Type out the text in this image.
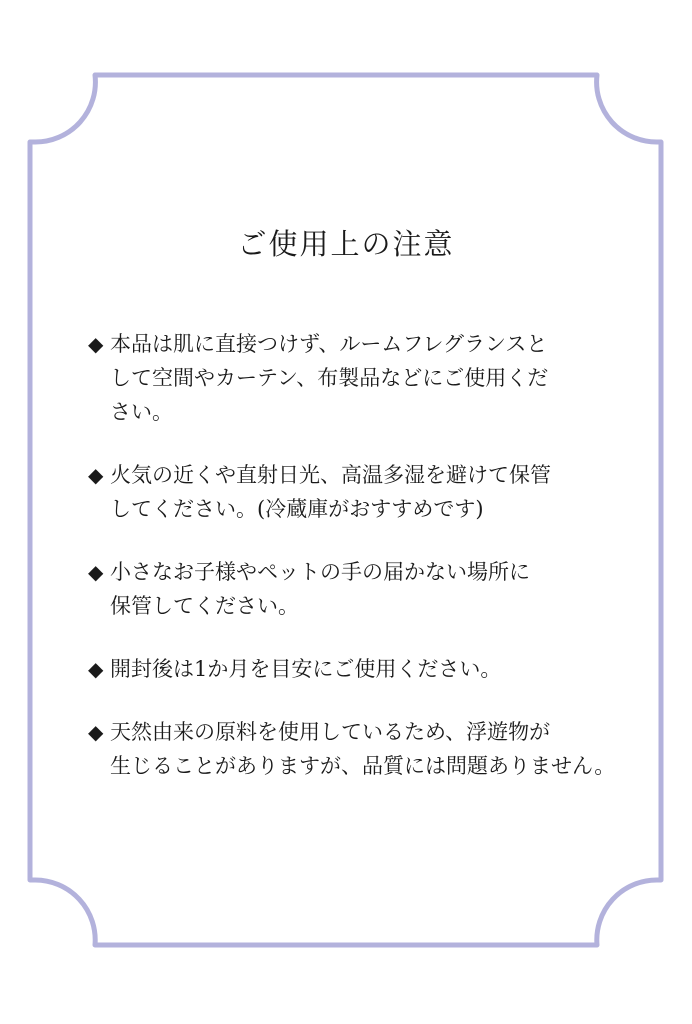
ご使用上の注意
◆ 本品は肌に直接つけず、ルームフレグランスと
して空間やカーテン、布製品などにご使用くだ
さい。
◆ 火気の近くや直射日光、高温多湿を避けて保管
してください。(冷蔵庫がおすすめです)
◆ 小さなお子様やペットの手の届かない場所に
保管してください。
◆ 開封後は1か月を目安にご使用ください。
◆ 天然由来の原料を使用しているため、浮遊物が
生じることがありますが、品質には問題ありません。
